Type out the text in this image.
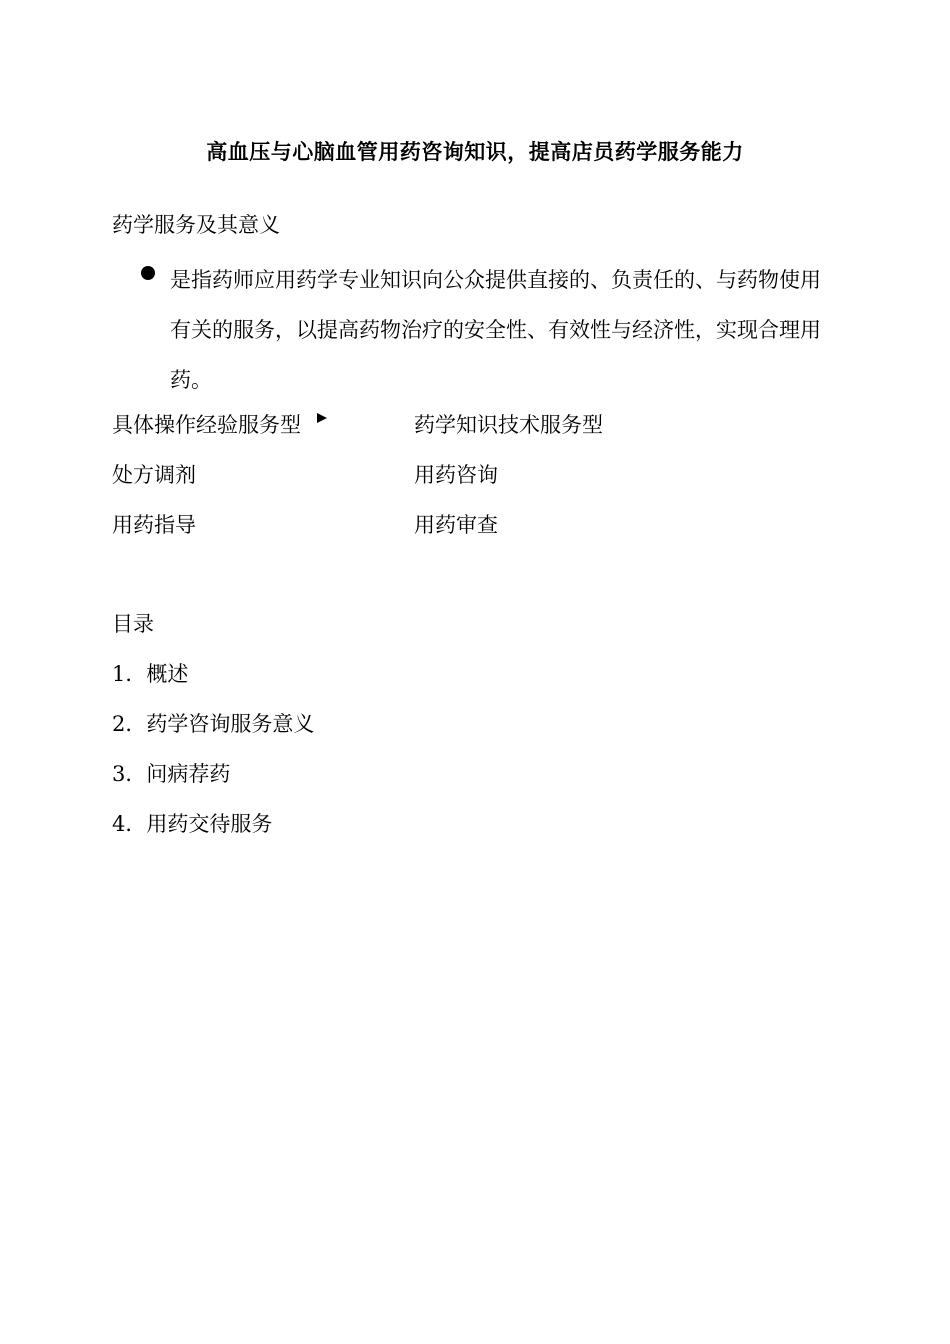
高血压与心脑血管用药咨询知识，提高店员药学服务能力
药学服务及其意义
是指药师应用药学专业知识向公众提供直接的、负责任的、与药物使用
有关的服务，以提高药物治疗的安全性、有效性与经济性，实现合理用
药。
具体操作经验服务型	药学知识技术服务型
处方调剂	用药咨询
用药指导	用药审查
目录
1．概述
2．药学咨询服务意义
3．问病荐药
4．用药交待服务
